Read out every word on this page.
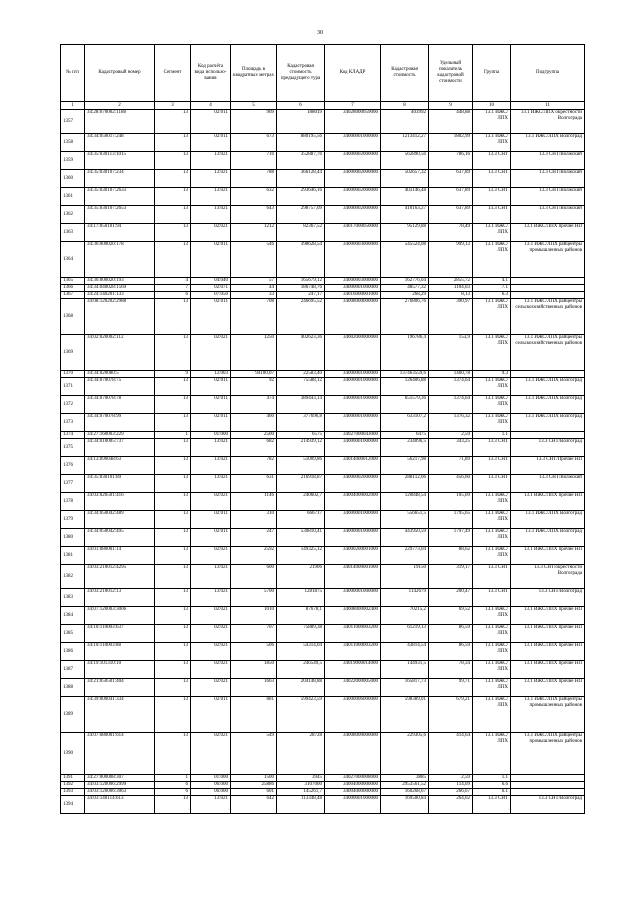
30
№ п/п	Кадастровый номер	Сегмент	Код расчёта вида использо-вания	Площадь в квадратных метрах	Кадастровая стоимость предыдущего тура	Код КЛАДР	Кадастровая стоимость	Удельный показатель кадастровой стоимости	Группа	Подгруппа
1	2	3	4	5	6	7	8	9	10	11
1357	34:28:070002:1188	13	02:011	909	188019	34028000059000	403992	448,88	13.1 ИЖС/ЛПХ	13.1 ИЖС/ЛПХ окрестности Волгограда
1358	34:34:050017:248	13	02:011	673	880195,56	34000001000000	1213412,27	1802,99	13.1 ИЖС/ЛПХ	13.1 ИЖС/ЛПХ Волгоград
1359	34:35:030113:1015	13	13:021	716	352887,76	34000002000000	562890,56	786,16	13.3 СНТ	13.3 СНТ/Волжский
1360	34:35:030107:234	13	13:021	788	366128,44	34000002000000	502657,32	637,89	13.3 СНТ	13.3 СНТ/Волжский
1361	34:35:030107:2633	13	13:021	632	293646,16	34000002000000	403146,48	637,89	13.3 СНТ	13.3 СНТ/Волжский
1362	34:35:030107:2653	13	13:021	643	298757,09	34000002000000	410163,27	637,89	13.3 СНТ	13.3 СНТ/Волжский
1363	34:17:050101:94	13	02:021	1212	82367,52	34017000050000	95129,88	78,49	13.1 ИЖС/ЛПХ	13.1 ИЖС/ЛПХ прочие НП
1364	34:36:000020:178	13	02:011	546	398628,54	34000003000000	545524,08	999,13	13.1 ИЖС/ЛПХ	13.1 ИЖС/ЛПХ райцентры промышленных районов
1365	34:36:000020:193	4	04:040	57	165679,12	34000003000000	162776,04	2855,72	4.1	
1366	34:34:040028:1569	7	02:071	44	186748,76	34000001000000	48577,32	1104,03	7.1	
1367	34:24:140201:133	6	07:050	33	247,17	34016000001000	268,29	8,13	6.3	
1368	34:08:120202:2988	13	02:011	708	246695,52	34008000000000	276806,76	390,97	13.1 ИЖС/ЛПХ	13.1 ИЖС/ЛПХ райцентры сельскохозяйственных районов
1369	34:02:020002:112	13	02:021	1250	402623,36	34002000000000	196786,4	153,9	13.1 ИЖС/ЛПХ	13.1 ИЖС/ЛПХ райцентры сельскохозяйственных районов
1370	34:34:020080:5	9	12:003	94100,07	22583,40	34000001000000	137463559,6	1460,78	9.3	
1371	34:34:070078:75	13	02:011	92	75588,12	34000001000000	126406,88	1374,64	13.1 ИЖС/ЛПХ	13.1 ИЖС/ЛПХ Волгоград
1372	34:34:070078:78	13	02:011	474	389443,14	34000001000000	651579,36	1374,64	13.1 ИЖС/ЛПХ	13.1 ИЖС/ЛПХ Волгоград
1373	34:34:070078:99	13	02:011	460	377696,8	34000001000000	633107,2	1376,32	13.1 ИЖС/ЛПХ	13.1 ИЖС/ЛПХ Волгоград
1374	34:27:160003:229	1	01:000	2500	6575	34027000043000	6475	2,59	1.1	
1375	34:34:010005:737	13	13:021	682	214939,12	34000001000000	234096,5	343,25	13.3 СНТ	13.3 СНТ/Волгоград
1376	34:13:090048:63	13	13:021	782	51009,86	34014000012000	56217,98	71,89	13.3 СНТ	13.3 СНТ/Прочие НП
1377	34:35:030101:89	13	13:021	631	216918,87	34000002000000	288112,66	456,60	13.3 СНТ	13.3 СНТ/Волжский
1378	34:03:020501:416	13	02:021	1146	240602,7	34004000002000	120848,54	105,09	13.1 ИЖС/ЛПХ	13.1 ИЖС/ЛПХ прочие НП
1379	34:34:050042:489	13	02:011	310	666717	34000001000000	556651,5	1795,65	13.1 ИЖС/ЛПХ	13.1 ИЖС/ЛПХ Волгоград
1380	34:34:050042:495	13	02:011	247	530810,41	34000001000000	443950,59	1797,49	13.1 ИЖС/ЛПХ	13.1 ИЖС/ЛПХ Волгоград
1381	34:01:080001:14	13	02:021	2592	149325,12	34000200001000	229773,04	88,62	13.1 ИЖС/ЛПХ	13.1 ИЖС/ЛПХ прочие НП
1382	34:03:210012:4295	13	13:021	600	21906	34014000001000	19150	319,17	13.3 СНТ	13.3 СНТ/окрестности Волгограда
1383	34:03:210012:13	13	13:021	5700	1281875	34000001000000	1142679	200,47	13.3 СНТ	13.3 СНТ/Волгоград
1384	34:07:120003:3006	13	02:021	1010	87678,1	34008000002400	70215,2	69,52	13.1 ИЖС/ЛПХ	13.1 ИЖС/ЛПХ прочие НП
1385	34:10:110003:637	13	02:021	707	75889,38	34011000003200	61219,13	86,59	13.1 ИЖС/ЛПХ	13.1 ИЖС/ЛПХ прочие НП
1386	34:10:110003:88	13	02:021	506	54314,04	34011000003200	43814,54	86,59	13.1 ИЖС/ЛПХ	13.1 ИЖС/ЛПХ прочие НП
1387	34:19:101310:10	13	02:021	1850	246549,5	34019000014000	144931,5	78,34	13.1 ИЖС/ЛПХ	13.1 ИЖС/ЛПХ прочие НП
1388	34:21:050501:404	13	02:021	1663	204148,88	34022000005000	165817,73	99,71	13.1 ИЖС/ЛПХ	13.1 ИЖС/ЛПХ прочие НП
1389	34:39:000041:334	13	02:011	881	599423,59	34000006000000	598389,01	679,21	13.1 ИЖС/ЛПХ	13.1 ИЖС/ЛПХ райцентры промышленных районов
1390	34:07:080001:614	13	02:021	549	28728	34008000000000	229305,6	414,64	13.1 ИЖС/ЛПХ	13.1 ИЖС/ЛПХ райцентры промышленных районов
1391	34:27:000008:307	1	01:000	1500	3945	34027000008000	3885	2,59	1.1	
1392	34:03:120006:2999	6	06:000	25886	3107000	34004000000000	2953561,52	114,09	6.6	
1393	34:03:120006:3063	6	06:000	601	145261,7	34004000000000	160268,67	266,67	6.1	
1394	34:03:140114:613	13	13:021	642	113348,48	34000001000000	169500,84	264,02	13.3 СНТ	13.3 СНТ/Волгоград
